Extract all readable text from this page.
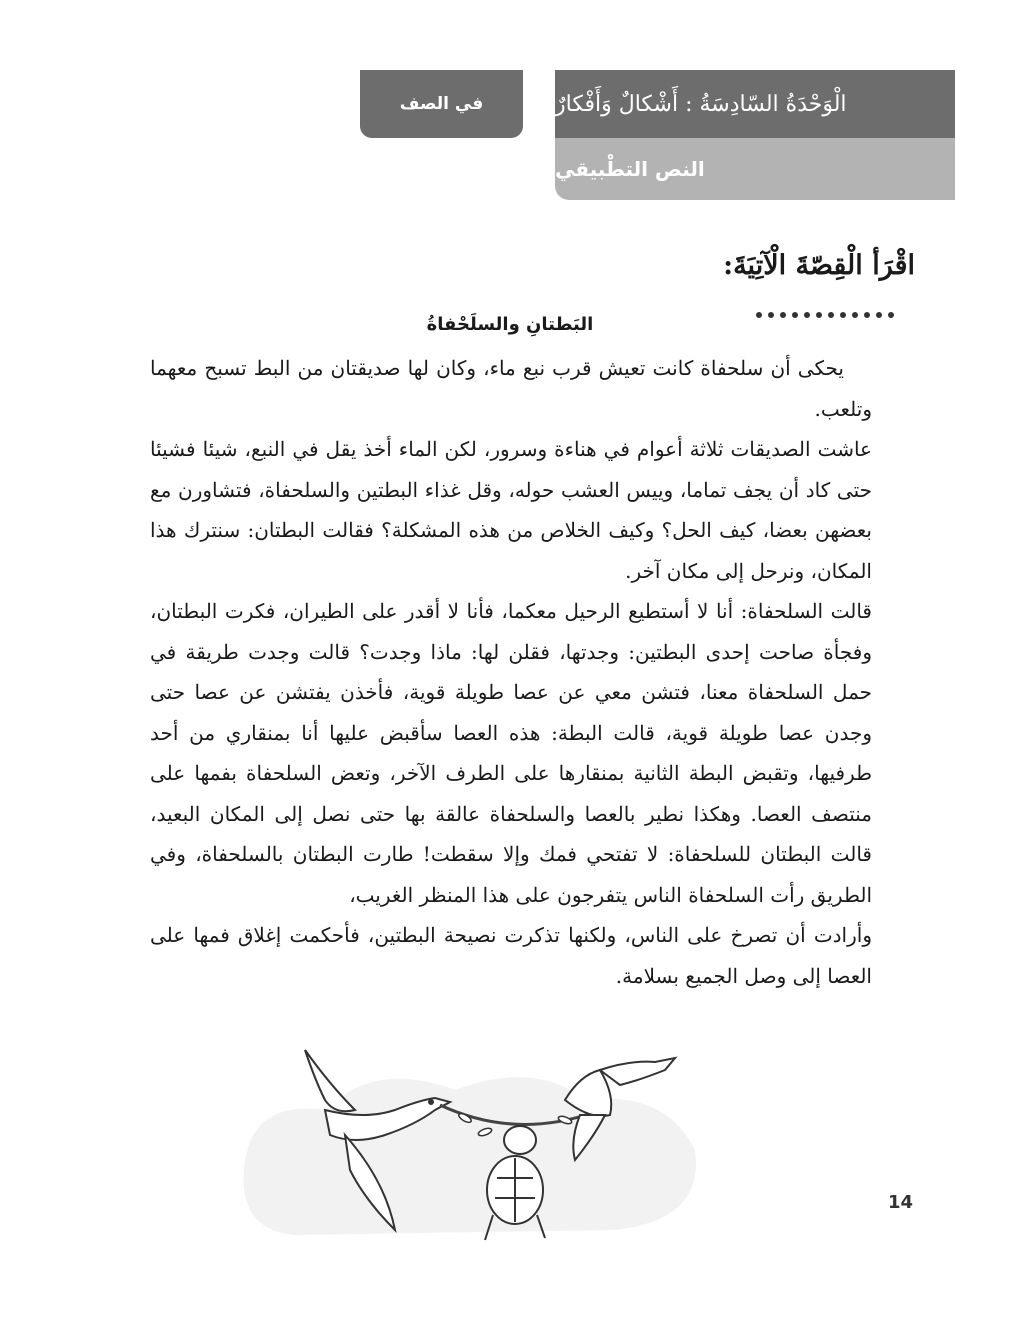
في الصف	الْوَحْدَةُ السّادِسَةُ : أَشْكالٌ وَأَفْكارٌ
النص التطْبيقي
اقْرَأ الْقِصّةَ الْآتِيَةَ:
البَطتانِ والسلَحْفاةُ

يحكى أن سلحفاة كانت تعيش قرب نبع ماء، وكان لها صديقتان من البط تسبح معهما وتلعب.

عاشت الصديقات ثلاثة أعوام في هناءة وسرور، لكن الماء أخذ يقل في النبع، شيئا فشيئا حتى كاد أن يجف تماما، وييس العشب حوله، وقل غذاء البطتين والسلحفاة، فتشاورن مع بعضهن بعضا، كيف الحل؟ وكيف الخلاص من هذه المشكلة؟ فقالت البطتان: سنترك هذا المكان، ونرحل إلى مكان آخر.

قالت السلحفاة: أنا لا أستطيع الرحيل معكما، فأنا لا أقدر على الطيران، فكرت البطتان، وفجأة صاحت إحدى البطتين: وجدتها، فقلن لها: ماذا وجدت؟ قالت وجدت طريقة في حمل السلحفاة معنا، فتشن معي عن عصا طويلة قوية، فأخذن يفتشن عن عصا حتى وجدن عصا طويلة قوية، قالت البطة: هذه العصا سأقبض عليها أنا بمنقاري من أحد طرفيها، وتقبض البطة الثانية بمنقارها على الطرف الآخر، وتعض السلحفاة بفمها على منتصف العصا. وهكذا نطير بالعصا والسلحفاة عالقة بها حتى نصل إلى المكان البعيد، قالت البطتان للسلحفاة: لا تفتحي فمك وإلا سقطت! طارت البطتان بالسلحفاة، وفي الطريق رأت السلحفاة الناس يتفرجون على هذا المنظر الغريب،

وأرادت أن تصرخ على الناس، ولكنها تذكرت نصيحة البطتين، فأحكمت إغلاق فمها على العصا إلى وصل الجميع بسلامة.

14
